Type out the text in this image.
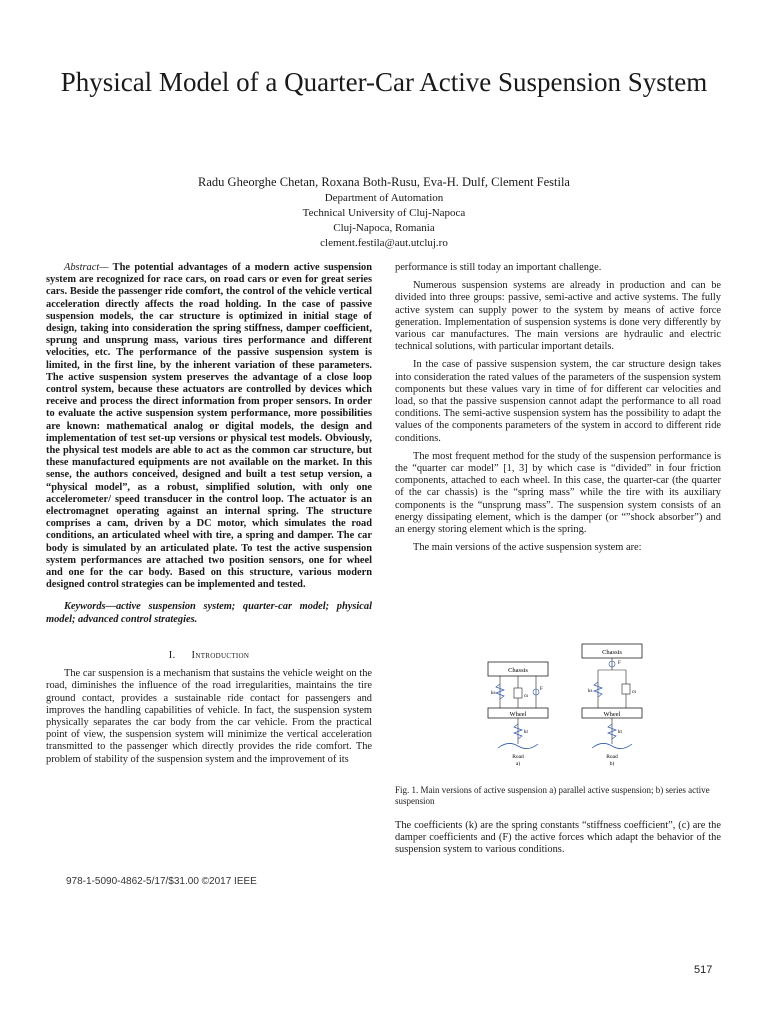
Physical Model of a Quarter-Car Active Suspension System
Radu Gheorghe Chetan, Roxana Both-Rusu, Eva-H. Dulf, Clement Festila
Department of Automation
Technical University of Cluj-Napoca
Cluj-Napoca, Romania
clement.festila@aut.utcluj.ro

Abstract— The potential advantages of a modern active suspension system are recognized for race cars, on road cars or even for great series cars. Beside the passenger ride comfort, the control of the vehicle vertical acceleration directly affects the road holding. In the case of passive suspension models, the car structure is optimized in initial stage of design, taking into consideration the spring stiffness, damper coefficient, sprung and unsprung mass, various tires performance and different velocities, etc. The performance of the passive suspension system is limited, in the first line, by the inherent variation of these parameters. The active suspension system preserves the advantage of a close loop control system, because these actuators are controlled by devices which receive and process the direct information from proper sensors. In order to evaluate the active suspension system performance, more possibilities are known: mathematical analog or digital models, the design and implementation of test set-up versions or physical test models. Obviously, the physical test models are able to act as the common car structure, but these manufactured equipments are not available on the market. In this sense, the authors conceived, designed and built a test setup version, a “physical model”, as a robust, simplified solution, with only one accelerometer/ speed transducer in the control loop. The actuator is an electromagnet operating against an internal spring. The structure comprises a cam, driven by a DC motor, which simulates the road conditions, an articulated wheel with tire, a spring and damper. The car body is simulated by an articulated plate. To test the active suspension system performances are attached two position sensors, one for wheel and one for the car body. Based on this structure, various modern designed control strategies can be implemented and tested.

Keywords—active suspension system; quarter-car model; physical model; advanced control strategies.

I. Introduction

The car suspension is a mechanism that sustains the vehicle weight on the road, diminishes the influence of the road irregularities, maintains the tire ground contact, provides a sustainable ride contact for passengers and improves the handling capabilities of vehicle. In fact, the suspension system physically separates the car body from the car vehicle. From the practical point of view, the suspension system will minimize the vertical acceleration transmitted to the passenger which directly provides the ride comfort. The problem of stability of the suspension system and the improvement of its

performance is still today an important challenge.

Numerous suspension systems are already in production and can be divided into three groups: passive, semi-active and active systems. The fully active system can supply power to the system by means of active force generation. Implementation of suspension systems is done very differently by various car manufactures. The main versions are hydraulic and electric technical solutions, with particular important details.

In the case of passive suspension system, the car structure design takes into consideration the rated values of the parameters of the suspension system components but these values vary in time of for different car velocities and load, so that the passive suspension cannot adapt the performance to all road conditions. The semi-active suspension system has the possibility to adapt the values of the components parameters of the system in accord to different ride conditions.

The most frequent method for the study of the suspension performance is the “quarter car model” [1, 3] by which case is “divided” in four friction components, attached to each wheel. In this case, the quarter-car (the quarter of the car chassis) is the “spring mass” while the tire with its auxiliary components is the “unsprung mass”. The suspension system consists of an energy dissipating element, which is the damper (or “”shock absorber”) and an energy storing element which is the spring.

The main versions of the active suspension system are:

Chassis
ks
cs
F
Wheel
kt
Road
a)
Chassis
F
ks	cs
Wheel
kt
Road
b)
Fig. 1. Main versions of active suspension a) parallel active suspension; b) series active suspension
The coefficients (k) are the spring constants “stiffness coefficient”, (c) are the damper coefficients and (F) the active forces which adapt the behavior of the suspension system to various conditions.
978-1-5090-4862-5/17/$31.00 ©2017 IEEE
517
